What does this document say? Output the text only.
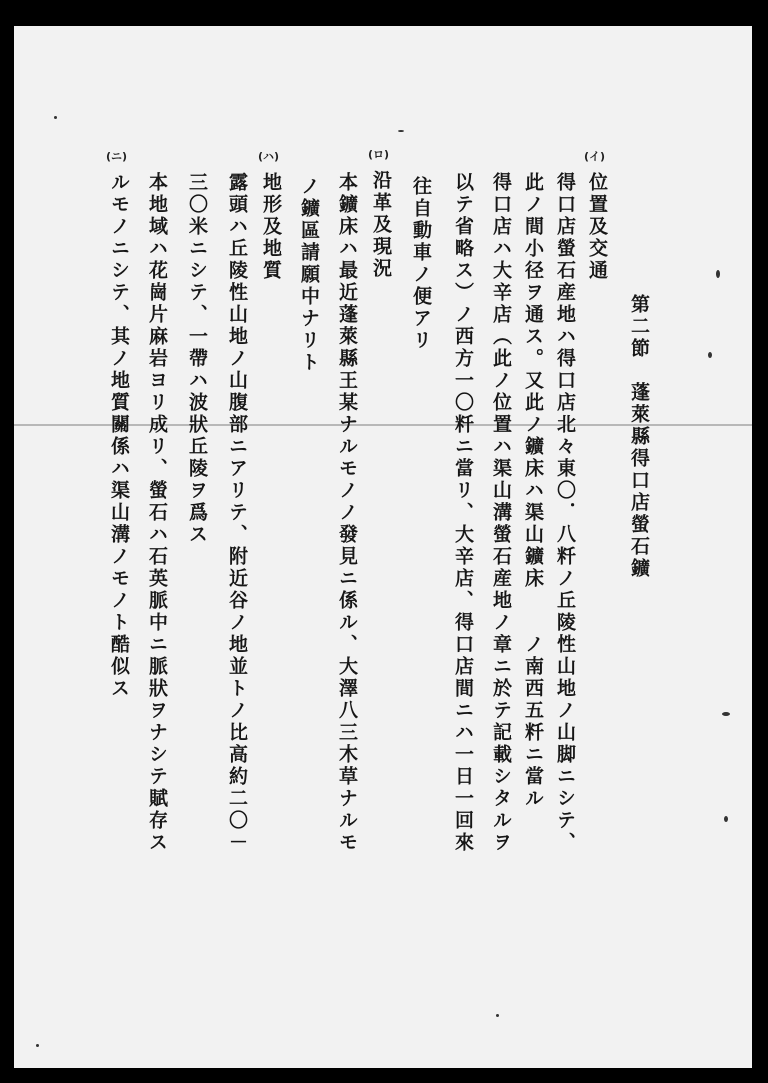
第二節　蓬萊縣得口店螢石鑛
(イ)
位置及交通
得口店螢石産地ハ得口店北々東〇．八粁ノ丘陵性山地ノ山脚ニシテ、
此ノ間小径ヲ通ス。又此ノ鑛床ハ渠山鑛床　　ノ南西五粁ニ當ル
得口店ハ大辛店（此ノ位置ハ渠山溝螢石産地ノ章ニ於テ記載シタルヲ
以テ省略ス）ノ西方一〇粁ニ當リ、大辛店、得口店間ニハ一日一回來
往自動車ノ便アリ
(ロ)
沿革及現況
本鑛床ハ最近蓬萊縣王某ナルモノノ發見ニ係ル、大澤八三木草ナルモ
ノ鑛區請願中ナリト
(ハ)
地形及地質
露頭ハ丘陵性山地ノ山腹部ニアリテ、附近谷ノ地並トノ比高約二〇－
三〇米ニシテ、一帶ハ波狀丘陵ヲ爲ス
本地域ハ花崗片麻岩ヨリ成リ、螢石ハ石英脈中ニ脈狀ヲナシテ賦存ス
(ニ)
ルモノニシテ、其ノ地質關係ハ渠山溝ノモノト酷似ス
